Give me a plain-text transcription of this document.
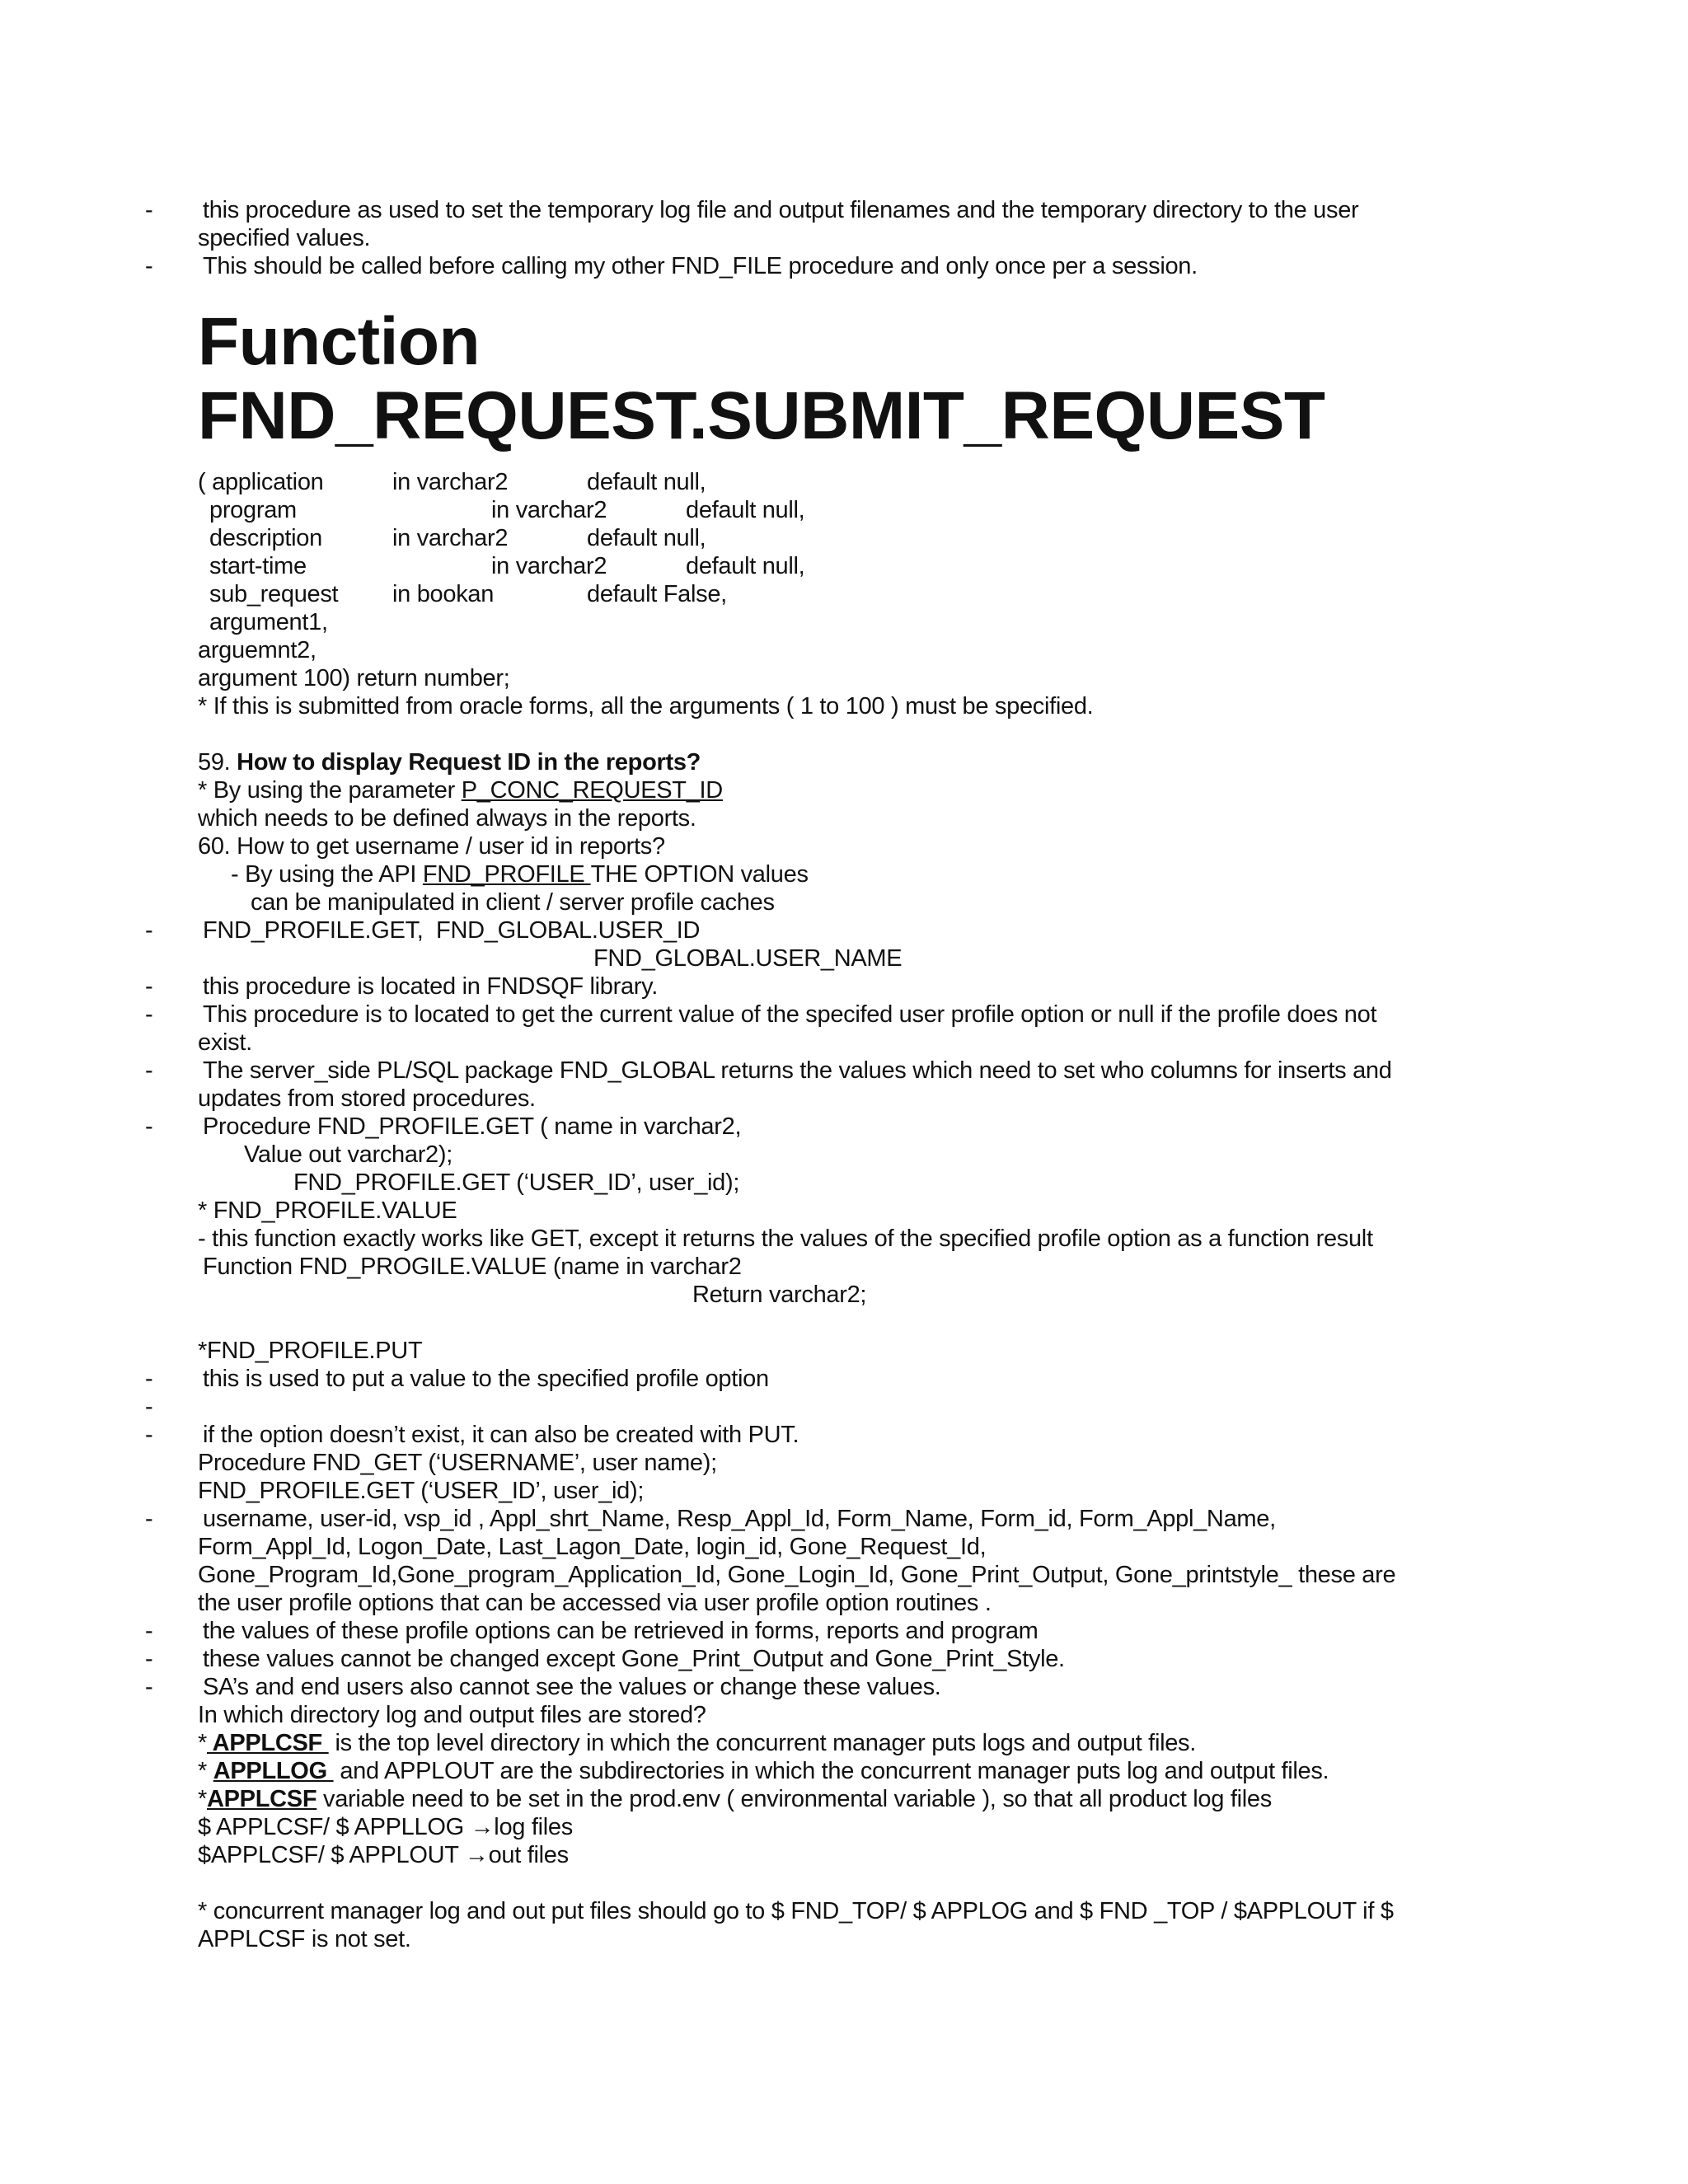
Function
FND_REQUEST.SUBMIT_REQUEST
- this procedure as used to set the temporary log file and output filenames and the temporary directory to the user
specified values.
- This should be called before calling my other FND_FILE procedure and only once per a session.
( application	in varchar2	default null,
program	in varchar2	default null,
description	in varchar2	default null,
start-time	in varchar2	default null,
sub_request in bookan	default False,
argument1,
arguemnt2,
argument 100) return number;
* If this is submitted from oracle forms, all the arguments ( 1 to 100 ) must be specified.
59. How to display Request ID in the reports?
* By using the parameter P_CONC_REQUEST_ID
which needs to be defined always in the reports.
60. How to get username / user id in reports?
- By using the API FND_PROFILE THE OPTION values
can be manipulated in client / server profile caches
- FND_PROFILE.GET,  FND_GLOBAL.USER_ID
FND_GLOBAL.USER_NAME
- this procedure is located in FNDSQF library.
- This procedure is to located to get the current value of the specifed user profile option or null if the profile does not
exist.
- The server_side PL/SQL package FND_GLOBAL returns the values which need to set who columns for inserts and
updates from stored procedures.
- Procedure FND_PROFILE.GET ( name in varchar2,
Value out varchar2);
FND_PROFILE.GET (‘USER_ID’, user_id);
* FND_PROFILE.VALUE
- this function exactly works like GET, except it returns the values of the specified profile option as a function result
Function FND_PROGILE.VALUE (name in varchar2
Return varchar2;
*FND_PROFILE.PUT
- this is used to put a value to the specified profile option
-
- if the option doesn’t exist, it can also be created with PUT.
Procedure FND_GET (‘USERNAME’, user name);
FND_PROFILE.GET (‘USER_ID’, user_id);
- username, user-id, vsp_id , Appl_shrt_Name, Resp_Appl_Id, Form_Name, Form_id, Form_Appl_Name,
Form_Appl_Id, Logon_Date, Last_Lagon_Date, login_id, Gone_Request_Id,
Gone_Program_Id,Gone_program_Application_Id, Gone_Login_Id, Gone_Print_Output, Gone_printstyle_ these are
the user profile options that can be accessed via user profile option routines .
- the values of these profile options can be retrieved in forms, reports and program
- these values cannot be changed except Gone_Print_Output and Gone_Print_Style.
- SA’s and end users also cannot see the values or change these values.
In which directory log and output files are stored?
* APPLCSF  is the top level directory in which the concurrent manager puts logs and output files.
* APPLLOG  and APPLOUT are the subdirectories in which the concurrent manager puts log and output files.
*APPLCSF variable need to be set in the prod.env ( environmental variable ), so that all product log files
$ APPLCSF/ $ APPLLOG →log files
$APPLCSF/ $ APPLOUT →out files
* concurrent manager log and out put files should go to $ FND_TOP/ $ APPLOG and $ FND _TOP / $APPLOUT if $
APPLCSF is not set.
